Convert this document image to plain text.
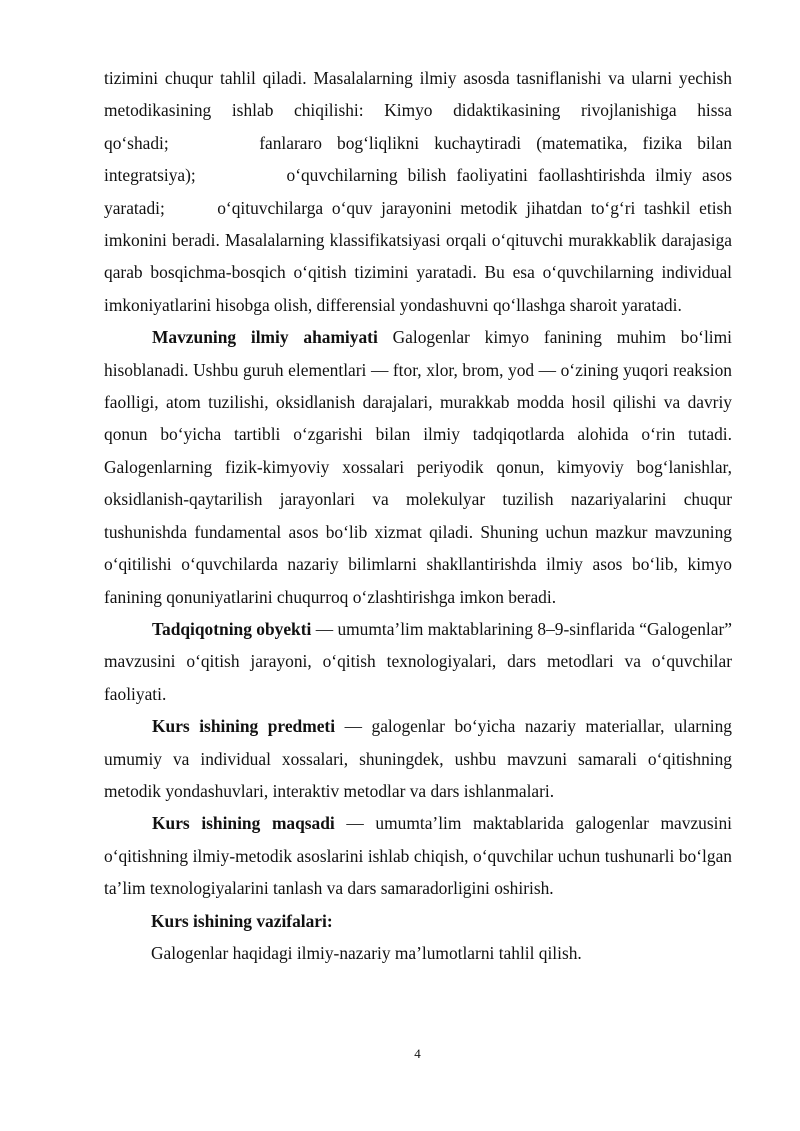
tizimini chuqur tahlil qiladi. Masalalarning ilmiy asosda tasniflanishi va ularni yechish metodikasining ishlab chiqilishi: Kimyo didaktikasining rivojlanishiga hissa qo‘shadi;      fanlararo bog‘liqlikni kuchaytiradi (matematika, fizika bilan integratsiya);         o‘quvchilarning bilish faoliyatini faollashtirishda ilmiy asos yaratadi;      o‘qituvchilarga o‘quv jarayonini metodik jihatdan to‘g‘ri tashkil etish imkonini beradi. Masalalarning klassifikatsiyasi orqali o‘qituvchi murakkablik darajasiga qarab bosqichma-bosqich o‘qitish tizimini yaratadi. Bu esa o‘quvchilarning individual imkoniyatlarini hisobga olish, differensial yondashuvni qo‘llashga sharoit yaratadi.

Mavzuning ilmiy ahamiyati Galogenlar kimyo fanining muhim bo‘limi hisoblanadi. Ushbu guruh elementlari — ftor, xlor, brom, yod — o‘zining yuqori reaksion faolligi, atom tuzilishi, oksidlanish darajalari, murakkab modda hosil qilishi va davriy qonun bo‘yicha tartibli o‘zgarishi bilan ilmiy tadqiqotlarda alohida o‘rin tutadi. Galogenlarning fizik-kimyoviy xossalari periyodik qonun, kimyoviy bog‘lanishlar, oksidlanish-qaytarilish jarayonlari va molekulyar tuzilish nazariyalarini chuqur tushunishda fundamental asos bo‘lib xizmat qiladi. Shuning uchun mazkur mavzuning o‘qitilishi o‘quvchilarda nazariy bilimlarni shakllantirishda ilmiy asos bo‘lib, kimyo fanining qonuniyatlarini chuqurroq o‘zlashtirishga imkon beradi.

Tadqiqotning obyekti — umumta’lim maktablarining 8–9-sinflarida “Galogenlar” mavzusini o‘qitish jarayoni, o‘qitish texnologiyalari, dars metodlari va o‘quvchilar faoliyati.

Kurs ishining predmeti — galogenlar bo‘yicha nazariy materiallar, ularning umumiy va individual xossalari, shuningdek, ushbu mavzuni samarali o‘qitishning metodik yondashuvlari, interaktiv metodlar va dars ishlanmalari.

Kurs ishining maqsadi — umumta’lim maktablarida galogenlar mavzusini o‘qitishning ilmiy-metodik asoslarini ishlab chiqish, o‘quvchilar uchun tushunarli bo‘lgan ta’lim texnologiyalarini tanlash va dars samaradorligini oshirish.

Kurs ishining vazifalari:

Galogenlar haqidagi ilmiy-nazariy ma’lumotlarni tahlil qilish.

4
